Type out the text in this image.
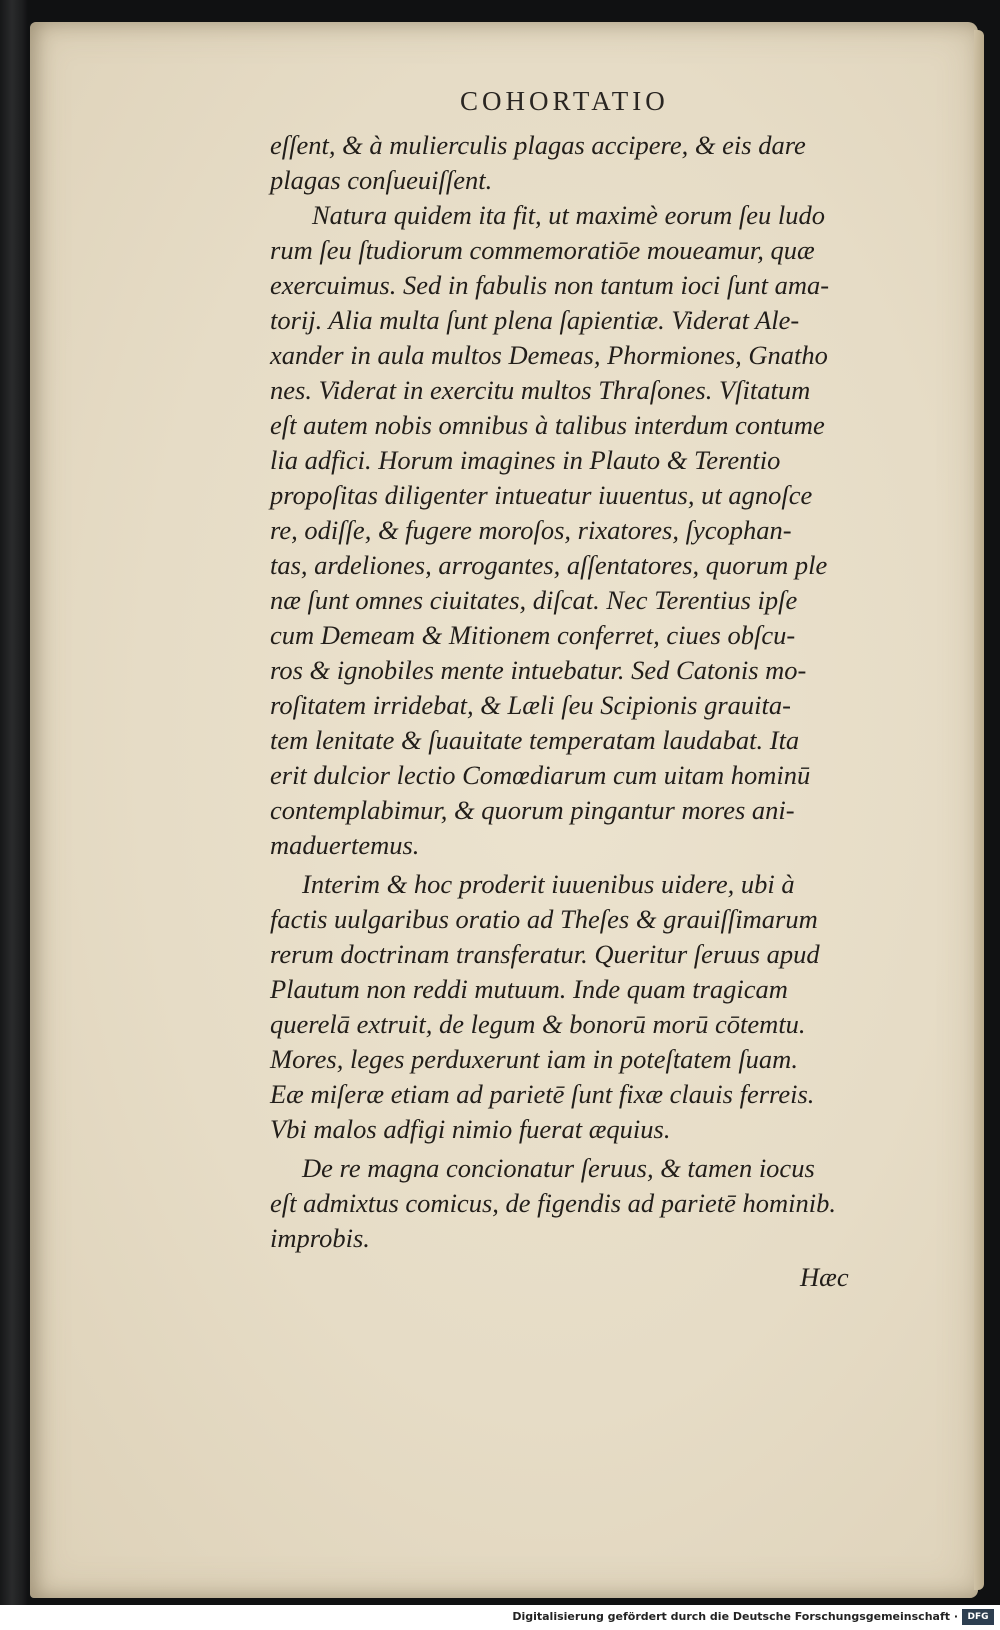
COHORTATIO
eſſent, & à mulierculis plagas accipere, & eis dare
plagas conſueuiſſent.
Natura quidem ita fit, ut maximè eorum ſeu ludo
rum ſeu ſtudiorum commemoratiōe moueamur, quæ
exercuimus. Sed in fabulis non tantum ioci ſunt ama-
torij. Alia multa ſunt plena ſapientiæ. Viderat Ale-
xander in aula multos Demeas, Phormiones, Gnatho
nes. Viderat in exercitu multos Thraſones. Vſitatum
eſt autem nobis omnibus à talibus interdum contume
lia adfici. Horum imagines in Plauto & Terentio
propoſitas diligenter intueatur iuuentus, ut agnoſce
re, odiſſe, & fugere moroſos, rixatores, ſycophan-
tas, ardeliones, arrogantes, aſſentatores, quorum ple
næ ſunt omnes ciuitates, diſcat. Nec Terentius ipſe
cum Demeam & Mitionem conferret, ciues obſcu-
ros & ignobiles mente intuebatur. Sed Catonis mo-
roſitatem irridebat, & Læli ſeu Scipionis grauita-
tem lenitate & ſuauitate temperatam laudabat. Ita
erit dulcior lectio Comœdiarum cum uitam hominū
contemplabimur, & quorum pingantur mores ani-
maduertemus.
Interim & hoc proderit iuuenibus uidere, ubi à
factis uulgaribus oratio ad Theſes & grauiſſimarum
rerum doctrinam transferatur. Queritur ſeruus apud
Plautum non reddi mutuum. Inde quam tragicam
querelā extruit, de legum & bonorū morū cōtemtu.
Mores, leges perduxerunt iam in poteſtatem ſuam.
Eæ miſeræ etiam ad parietē ſunt fixæ clauis ferreis.
Vbi malos adfigi nimio fuerat æquius.
De re magna concionatur ſeruus, & tamen iocus
eſt admixtus comicus, de figendis ad parietē hominib.
improbis.
Hæc
Digitalisierung gefördert durch die Deutsche Forschungsgemeinschaft ·	DFG
